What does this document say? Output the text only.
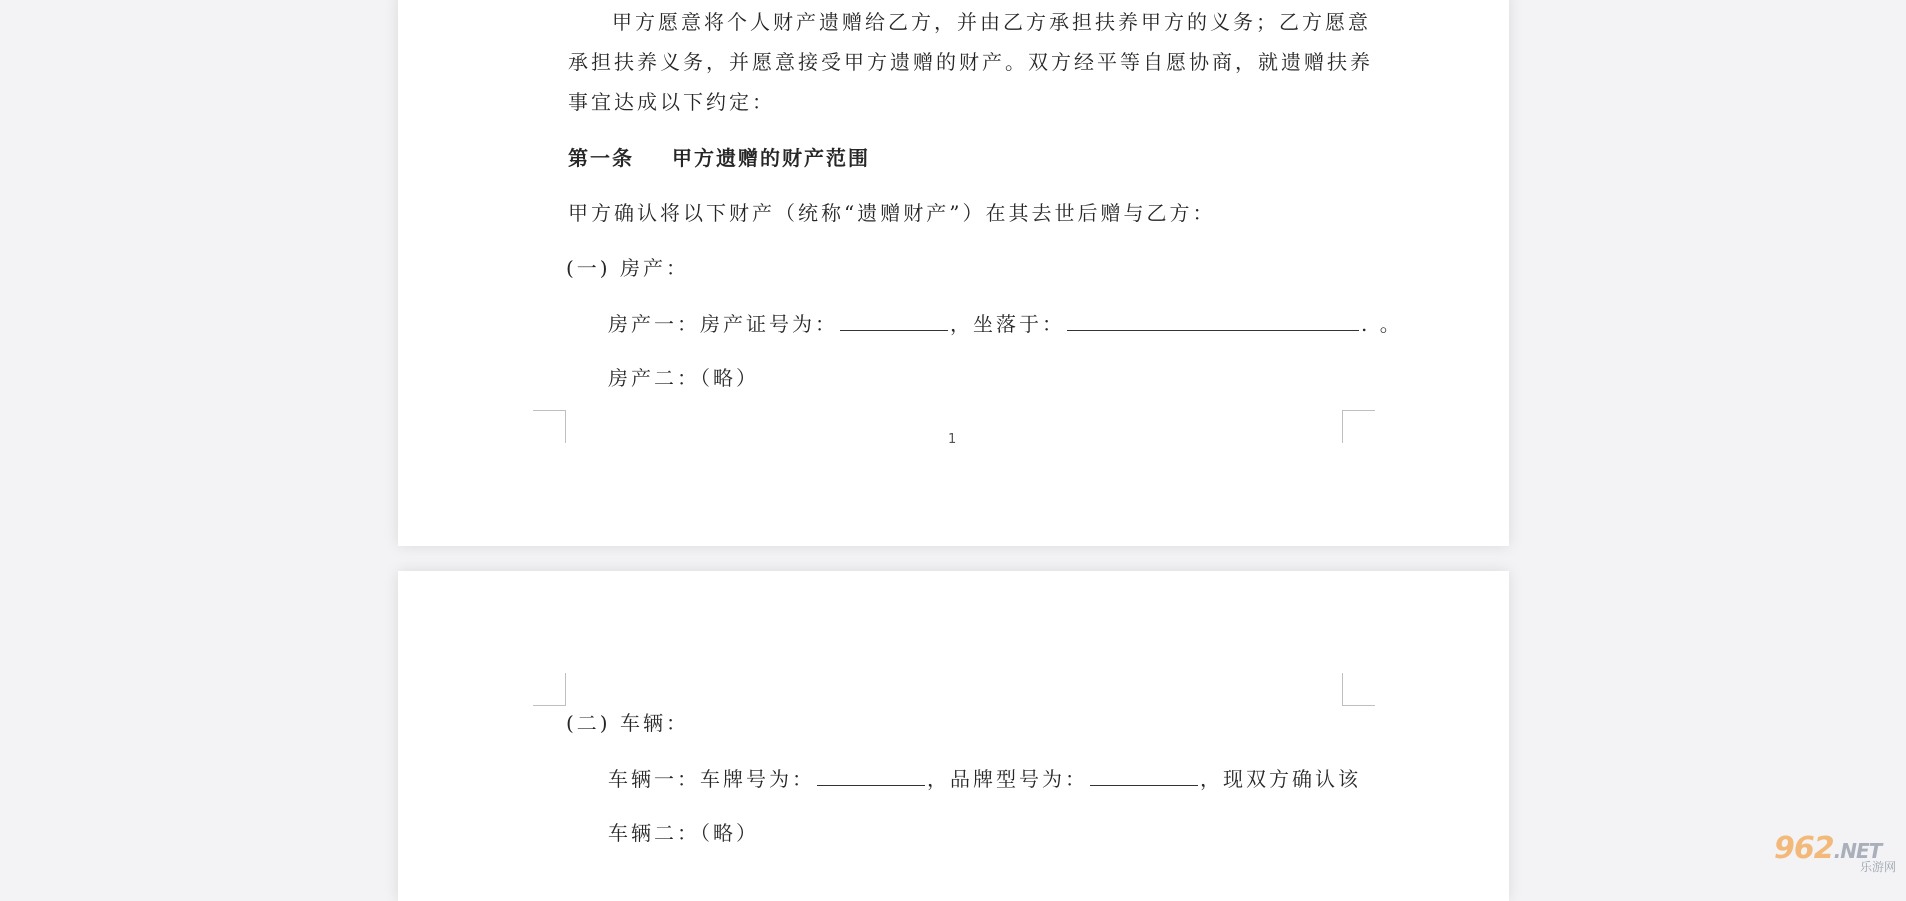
甲方愿意将个人财产遗赠给乙方，并由乙方承担扶养甲方的义务；乙方愿意
承担扶养义务，并愿意接受甲方遗赠的财产。双方经平等自愿协商，就遗赠扶养
事宜达成以下约定：
第一条 甲方遗赠的财产范围
甲方确认将以下财产（统称“遗赠财产”）在其去世后赠与乙方：
(一) 房产：
房产一：房产证号为：	，坐落于：	. 。
房产二：（略）
1
(二) 车辆：
车辆一：车牌号为：	，品牌型号为：	，现双方确认该
车辆二：（略）	962.NET
乐游网
